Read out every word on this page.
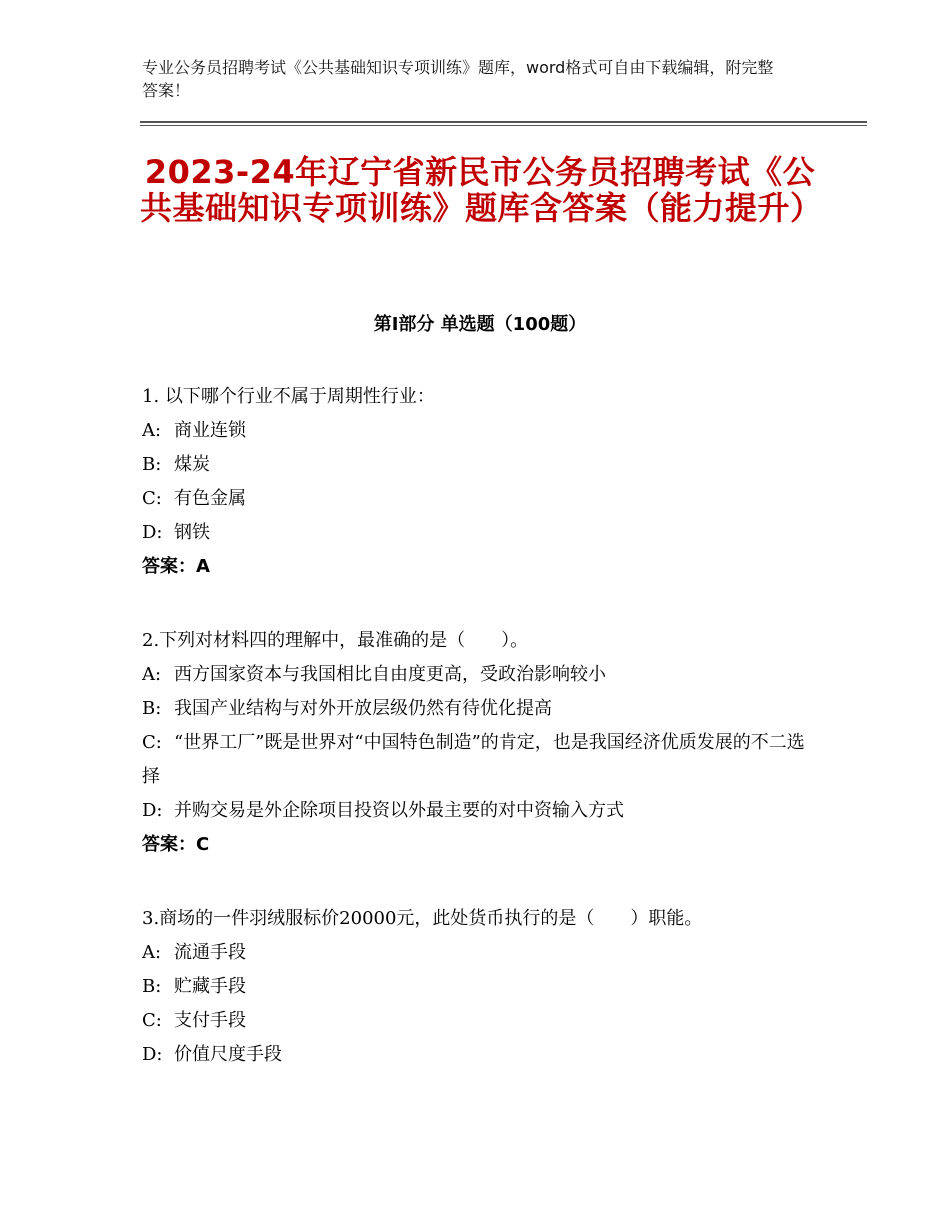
专业公务员招聘考试《公共基础知识专项训练》题库，word格式可自由下载编辑，附完整答案！
2023-24年辽宁省新民市公务员招聘考试《公共基础知识专项训练》题库含答案（能力提升）
第I部分 单选题（100题）
1. 以下哪个行业不属于周期性行业：
A: 商业连锁
B: 煤炭
C: 有色金属
D: 钢铁
答案：A
2.下列对材料四的理解中，最准确的是（　　）。
A: 西方国家资本与我国相比自由度更高，受政治影响较小
B: 我国产业结构与对外开放层级仍然有待优化提高
C: “世界工厂”既是世界对“中国特色制造”的肯定，也是我国经济优质发展的不二选择
D: 并购交易是外企除项目投资以外最主要的对中资输入方式
答案：C
3.商场的一件羽绒服标价20000元，此处货币执行的是（　　）职能。
A: 流通手段
B: 贮藏手段
C: 支付手段
D: 价值尺度手段
